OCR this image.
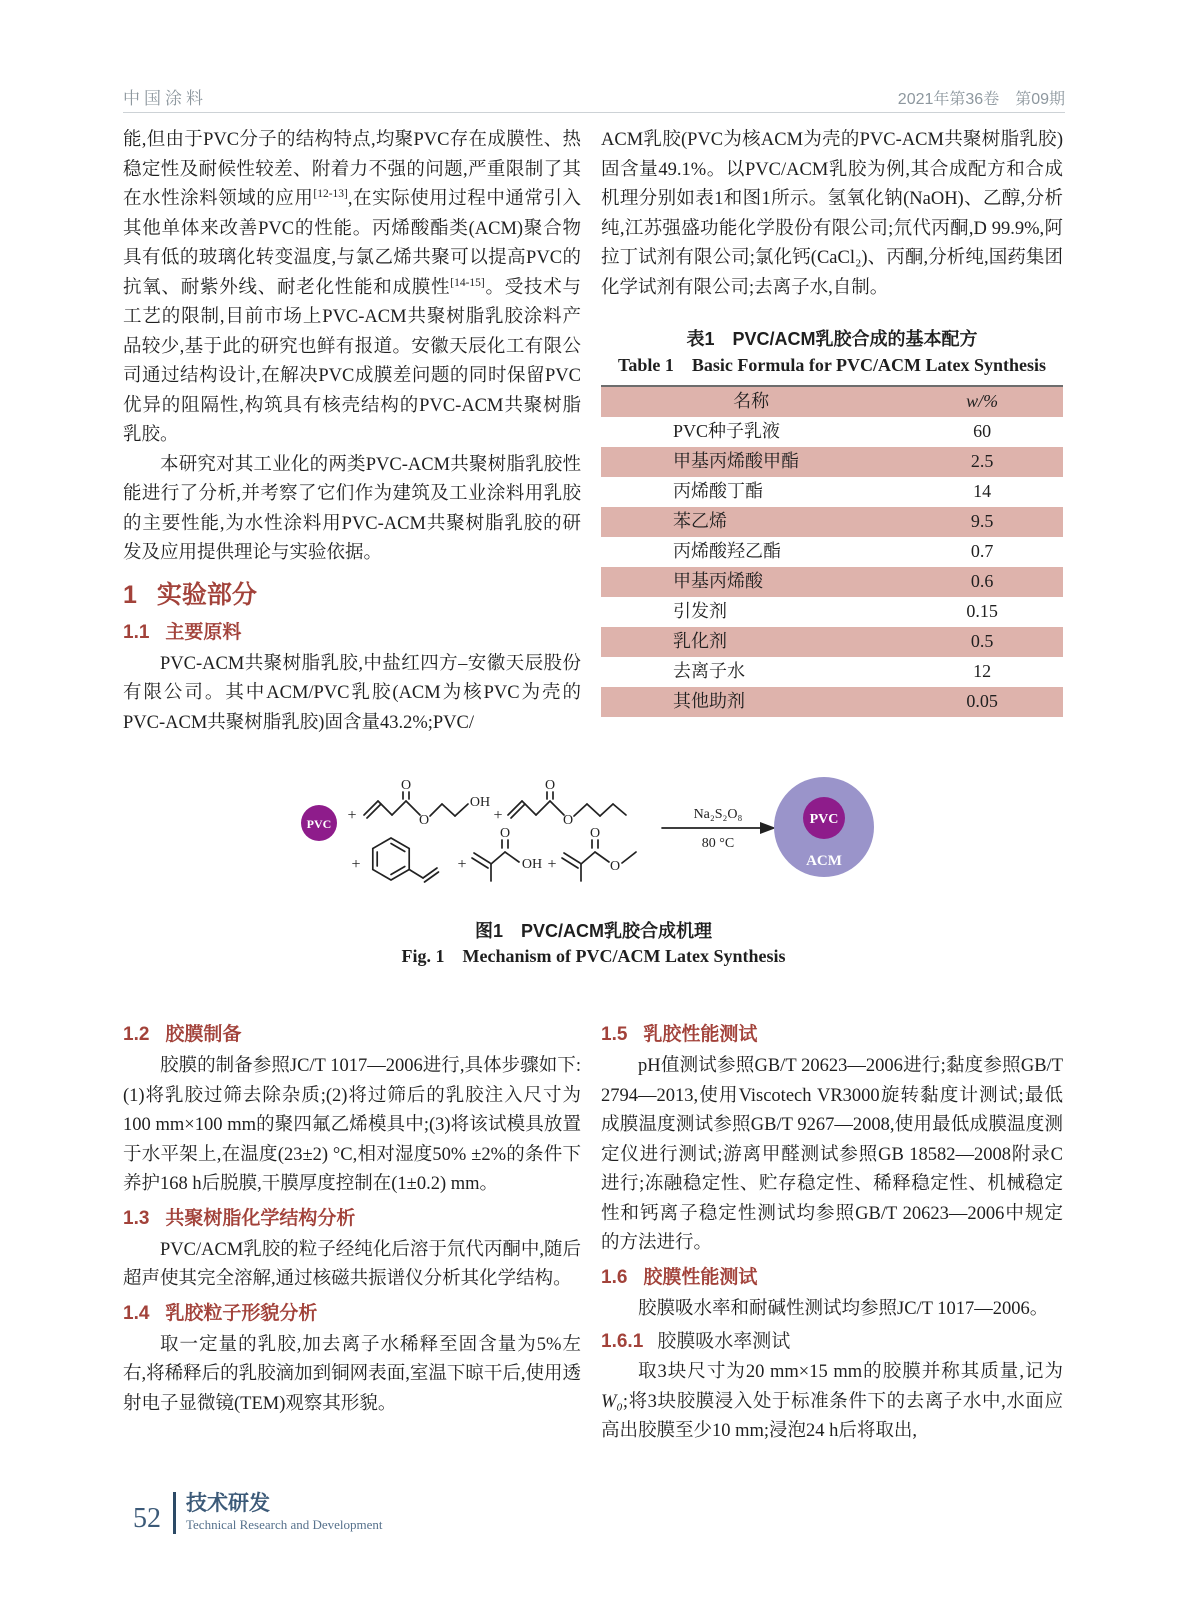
中国涂料	2021年第36卷　第09期

能,但由于PVC分子的结构特点,均聚PVC存在成膜性、热稳定性及耐候性较差、附着力不强的问题,严重限制了其在水性涂料领域的应用[12-13],在实际使用过程中通常引入其他单体来改善PVC的性能。丙烯酸酯类(ACM)聚合物具有低的玻璃化转变温度,与氯乙烯共聚可以提高PVC的抗氧、耐紫外线、耐老化性能和成膜性[14-15]。受技术与工艺的限制,目前市场上PVC-ACM共聚树脂乳胶涂料产品较少,基于此的研究也鲜有报道。安徽天辰化工有限公司通过结构设计,在解决PVC成膜差问题的同时保留PVC优异的阻隔性,构筑具有核壳结构的PVC-ACM共聚树脂乳胶。

本研究对其工业化的两类PVC-ACM共聚树脂乳胶性能进行了分析,并考察了它们作为建筑及工业涂料用乳胶的主要性能,为水性涂料用PVC-ACM共聚树脂乳胶的研发及应用提供理论与实验依据。

1 实验部分
1.1 主要原料

PVC-ACM共聚树脂乳胶,中盐红四方–安徽天辰股份有限公司。其中ACM/PVC乳胶(ACM为核PVC为壳的PVC-ACM共聚树脂乳胶)固含量43.2%;PVC/

ACM乳胶(PVC为核ACM为壳的PVC-ACM共聚树脂乳胶)固含量49.1%。以PVC/ACM乳胶为例,其合成配方和合成机理分别如表1和图1所示。氢氧化钠(NaOH)、乙醇,分析纯,江苏强盛功能化学股份有限公司;氘代丙酮,D 99.9%,阿拉丁试剂有限公司;氯化钙(CaCl₂)、丙酮,分析纯,国药集团化学试剂有限公司;去离子水,自制。

表1　PVC/ACM乳胶合成的基本配方
Table 1　Basic Formula for PVC/ACM Latex Synthesis
名称	w/%
PVC种子乳液	60
甲基丙烯酸甲酯	2.5
丙烯酸丁酯	14
苯乙烯	9.5
丙烯酸羟乙酯	0.7
甲基丙烯酸	0.6
引发剂	0.15
乳化剂	0.5
去离子水	12
其他助剂	0.05
PVC +
O
O
OH
+
O
O
+	+
O
OH +
O
O
Na₂S₂O₈
80 °C
PVC
ACM
图1　PVC/ACM乳胶合成机理
Fig. 1　Mechanism of PVC/ACM Latex Synthesis
1.2 胶膜制备

胶膜的制备参照JC/T 1017—2006进行,具体步骤如下:(1)将乳胶过筛去除杂质;(2)将过筛后的乳胶注入尺寸为100 mm×100 mm的聚四氟乙烯模具中;(3)将该试模具放置于水平架上,在温度(23±2) °C,相对湿度50% ±2%的条件下养护168 h后脱膜,干膜厚度控制在(1±0.2) mm。

1.3 共聚树脂化学结构分析

PVC/ACM乳胶的粒子经纯化后溶于氘代丙酮中,随后超声使其完全溶解,通过核磁共振谱仪分析其化学结构。

1.4 乳胶粒子形貌分析

取一定量的乳胶,加去离子水稀释至固含量为5%左右,将稀释后的乳胶滴加到铜网表面,室温下晾干后,使用透射电子显微镜(TEM)观察其形貌。

1.5 乳胶性能测试

pH值测试参照GB/T 20623—2006进行;黏度参照GB/T 2794—2013,使用Viscotech VR3000旋转黏度计测试;最低成膜温度测试参照GB/T 9267—2008,使用最低成膜温度测定仪进行测试;游离甲醛测试参照GB 18582—2008附录C进行;冻融稳定性、贮存稳定性、稀释稳定性、机械稳定性和钙离子稳定性测试均参照GB/T 20623—2006中规定的方法进行。

1.6 胶膜性能测试

胶膜吸水率和耐碱性测试均参照JC/T 1017—2006。

1.6.1 胶膜吸水率测试

取3块尺寸为20 mm×15 mm的胶膜并称其质量,记为W₀;将3块胶膜浸入处于标准条件下的去离子水中,水面应高出胶膜至少10 mm;浸泡24 h后将取出,

52 技术研发
Technical Research and Development
